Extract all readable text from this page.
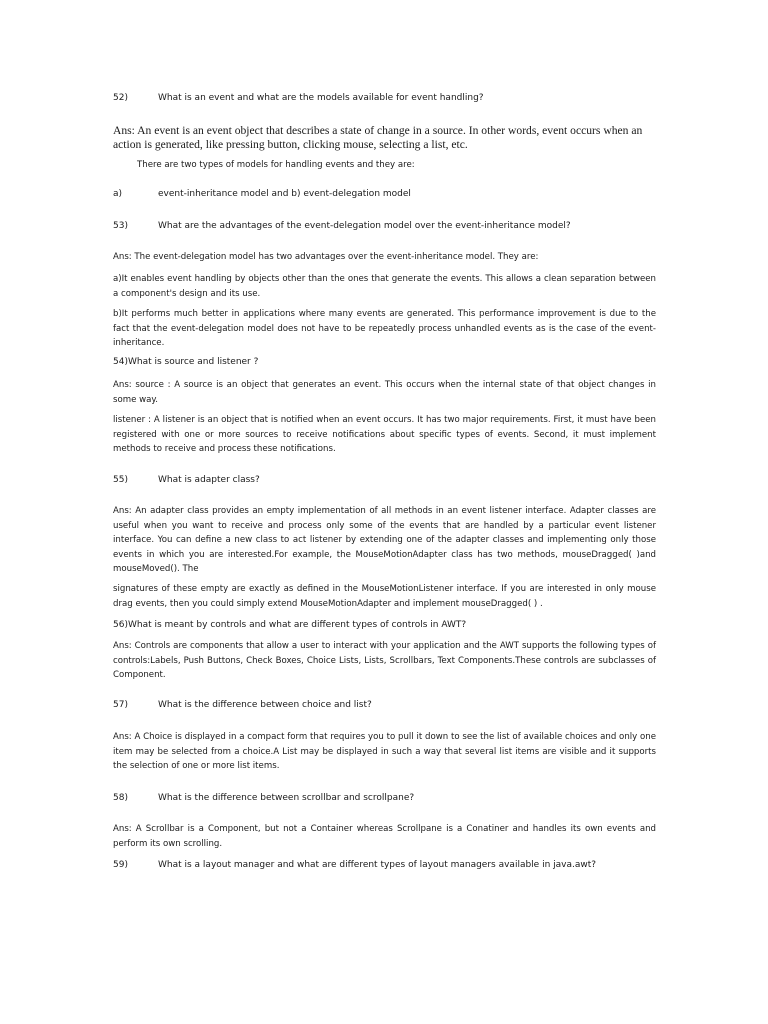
52)	What is an event and what are the models available for event handling?

Ans: An event is an event object that describes a state of change in a source. In other words, event occurs when an action is generated, like pressing button, clicking mouse, selecting a list, etc.

There are two types of models for handling events and they are:

a)	event-inheritance model and b) event-delegation model
53)	What are the advantages of the event-delegation model over the event-inheritance model?

Ans: The event-delegation model has two advantages over the event-inheritance model. They are:

a)It enables event handling by objects other than the ones that generate the events. This allows a clean separation between a component's design and its use.

b)It performs much better in applications where many events are generated. This performance improvement is due to the fact that the event-delegation model does not have to be repeatedly process unhandled events as is the case of the event-inheritance.

54)What is source and listener ?

Ans: source : A source is an object that generates an event. This occurs when the internal state of that object changes in some way.

listener : A listener is an object that is notified when an event occurs. It has two major requirements. First, it must have been registered with one or more sources to receive notifications about specific types of events. Second, it must implement methods to receive and process these notifications.

55)	What is adapter class?

Ans: An adapter class provides an empty implementation of all methods in an event listener interface. Adapter classes are useful when you want to receive and process only some of the events that are handled by a particular event listener interface. You can define a new class to act listener by extending one of the adapter classes and implementing only those events in which you are interested.For example, the MouseMotionAdapter class has two methods, mouseDragged( )and mouseMoved(). The

signatures of these empty are exactly as defined in the MouseMotionListener interface. If you are interested in only mouse drag events, then you could simply extend MouseMotionAdapter and implement mouseDragged( ) .

56)What is meant by controls and what are different types of controls in AWT?

Ans: Controls are components that allow a user to interact with your application and the AWT supports the following types of controls:Labels, Push Buttons, Check Boxes, Choice Lists, Lists, Scrollbars, Text Components.These controls are subclasses of Component.

57)	What is the difference between choice and list?

Ans: A Choice is displayed in a compact form that requires you to pull it down to see the list of available choices and only one item may be selected from a choice.A List may be displayed in such a way that several list items are visible and it supports the selection of one or more list items.

58)	What is the difference between scrollbar and scrollpane?

Ans: A Scrollbar is a Component, but not a Container whereas Scrollpane is a Conatiner and handles its own events and perform its own scrolling.

59)	What is a layout manager and what are different types of layout managers available in java.awt?
